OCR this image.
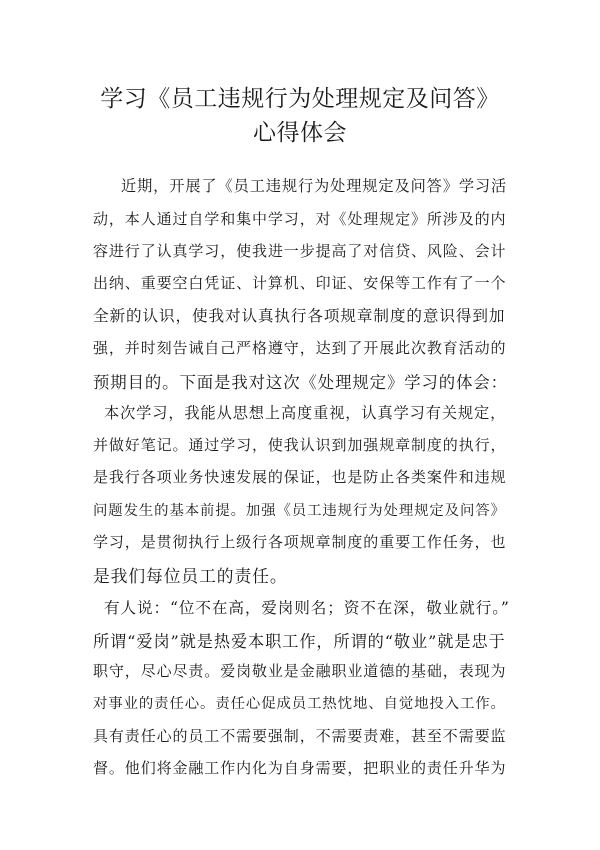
学习《员工违规行为处理规定及问答》
心得体会

近期，开展了《员工违规行为处理规定及问答》学习活

动，本人通过自学和集中学习，对《处理规定》所涉及的内

容进行了认真学习，使我进一步提高了对信贷、风险、会计

出纳、重要空白凭证、计算机、印证、安保等工作有了一个

全新的认识，使我对认真执行各项规章制度的意识得到加

强，并时刻告诫自己严格遵守，达到了开展此次教育活动的

预期目的。下面是我对这次《处理规定》学习的体会：

本次学习，我能从思想上高度重视，认真学习有关规定，

并做好笔记。通过学习，使我认识到加强规章制度的执行，

是我行各项业务快速发展的保证，也是防止各类案件和违规

问题发生的基本前提。加强《员工违规行为处理规定及问答》

学习，是贯彻执行上级行各项规章制度的重要工作任务，也

是我们每位员工的责任。

有人说：“位不在高，爱岗则名；资不在深，敬业就行。”

所谓“爱岗”就是热爱本职工作，所谓的“敬业”就是忠于

职守，尽心尽责。爱岗敬业是金融职业道德的基础，表现为

对事业的责任心。责任心促成员工热忱地、自觉地投入工作。

具有责任心的员工不需要强制，不需要责难，甚至不需要监

督。他们将金融工作内化为自身需要，把职业的责任升华为
